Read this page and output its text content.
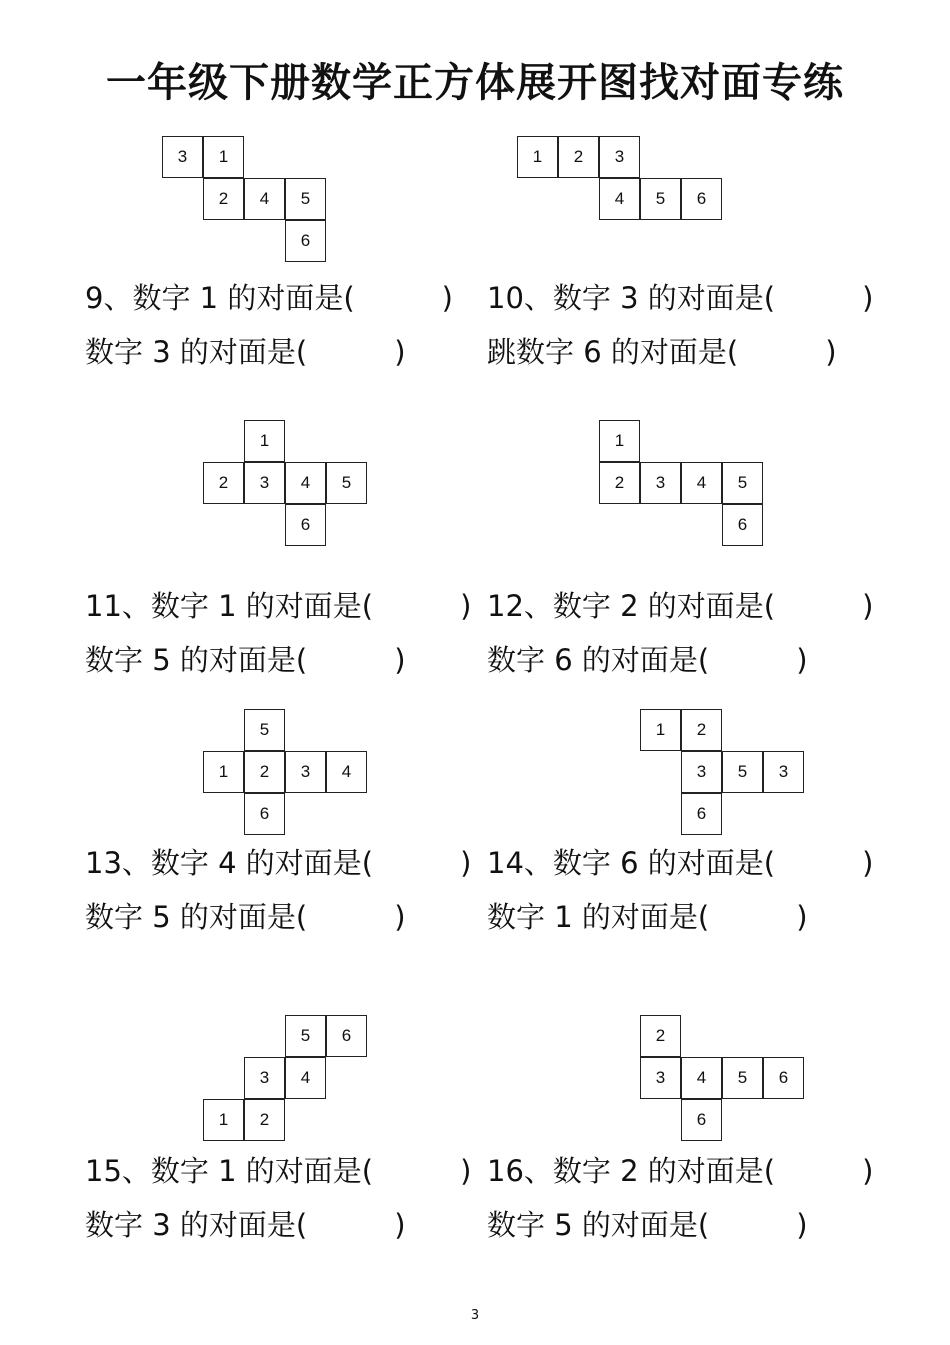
一年级下册数学正方体展开图找对面专练
3	1
2	4	5
6
1	2	3
4	5	6
1
2	3	4	5
6
1
2	3	4	5
6
5
1	2	3	4
6
1	2
3	5	3
6
5	6
3	4
1	2
2
3	4	5	6
6
9、数字 1 的对面是(　　　)
数字 3 的对面是(　　　)
10、数字 3 的对面是(　　　)
跳数字 6 的对面是(　　　)
11、数字 1 的对面是(　　　)
数字 5 的对面是(　　　)
12、数字 2 的对面是(　　　)
数字 6 的对面是(　　　)
13、数字 4 的对面是(　　　)
数字 5 的对面是(　　　)
14、数字 6 的对面是(　　　)
数字 1 的对面是(　　　)
15、数字 1 的对面是(　　　)
数字 3 的对面是(　　　)
16、数字 2 的对面是(　　　)
数字 5 的对面是(　　　)
3
